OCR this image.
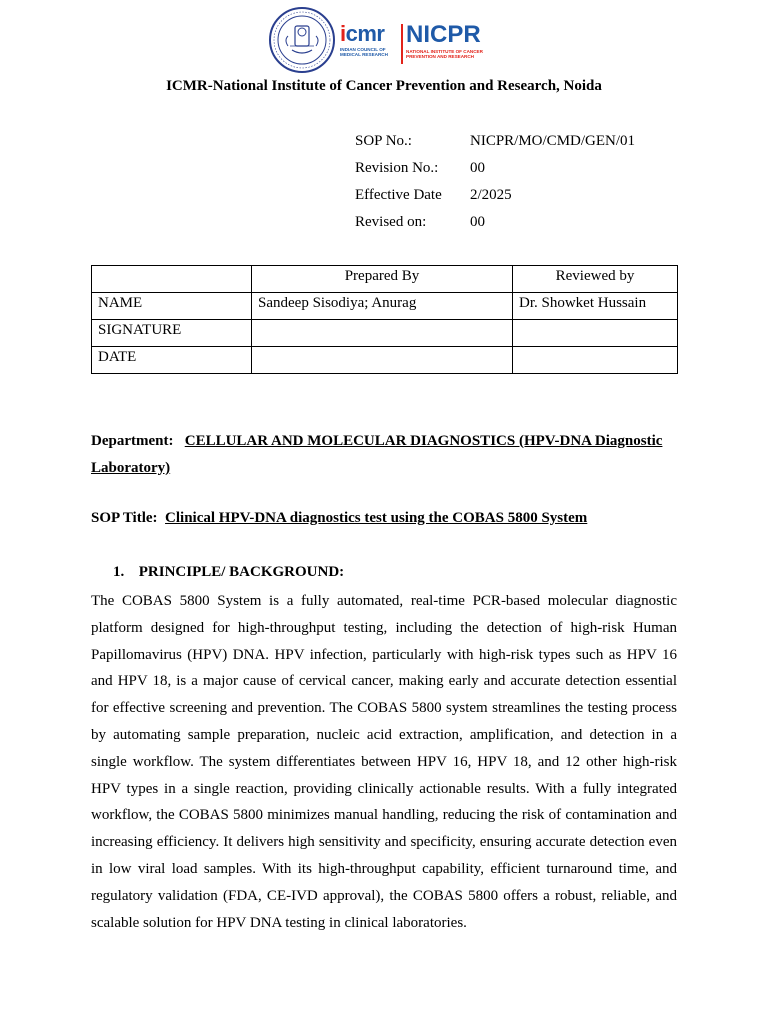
icmr
INDIAN COUNCIL OF MEDICAL RESEARCH
NICPR
NATIONAL INSTITUTE OF CANCER PREVENTION AND RESEARCH
ICMR-National Institute of Cancer Prevention and Research, Noida
SOP No.:	NICPR/MO/CMD/GEN/01
Revision No.:	00
Effective Date	2/2025
Revised on:	00
	Prepared By	Reviewed by
NAME	Sandeep Sisodiya; Anurag	Dr. Showket Hussain
SIGNATURE		
DATE		
Department: CELLULAR AND MOLECULAR DIAGNOSTICS (HPV-DNA Diagnostic Laboratory)
SOP Title: Clinical HPV-DNA diagnostics test using the COBAS 5800 System
1. PRINCIPLE/ BACKGROUND:
The COBAS 5800 System is a fully automated, real-time PCR-based molecular diagnostic platform designed for high-throughput testing, including the detection of high-risk Human Papillomavirus (HPV) DNA. HPV infection, particularly with high-risk types such as HPV 16 and HPV 18, is a major cause of cervical cancer, making early and accurate detection essential for effective screening and prevention. The COBAS 5800 system streamlines the testing process by automating sample preparation, nucleic acid extraction, amplification, and detection in a single workflow. The system differentiates between HPV 16, HPV 18, and 12 other high-risk HPV types in a single reaction, providing clinically actionable results. With a fully integrated workflow, the COBAS 5800 minimizes manual handling, reducing the risk of contamination and increasing efficiency. It delivers high sensitivity and specificity, ensuring accurate detection even in low viral load samples. With its high-throughput capability, efficient turnaround time, and regulatory validation (FDA, CE-IVD approval), the COBAS 5800 offers a robust, reliable, and scalable solution for HPV DNA testing in clinical laboratories.
